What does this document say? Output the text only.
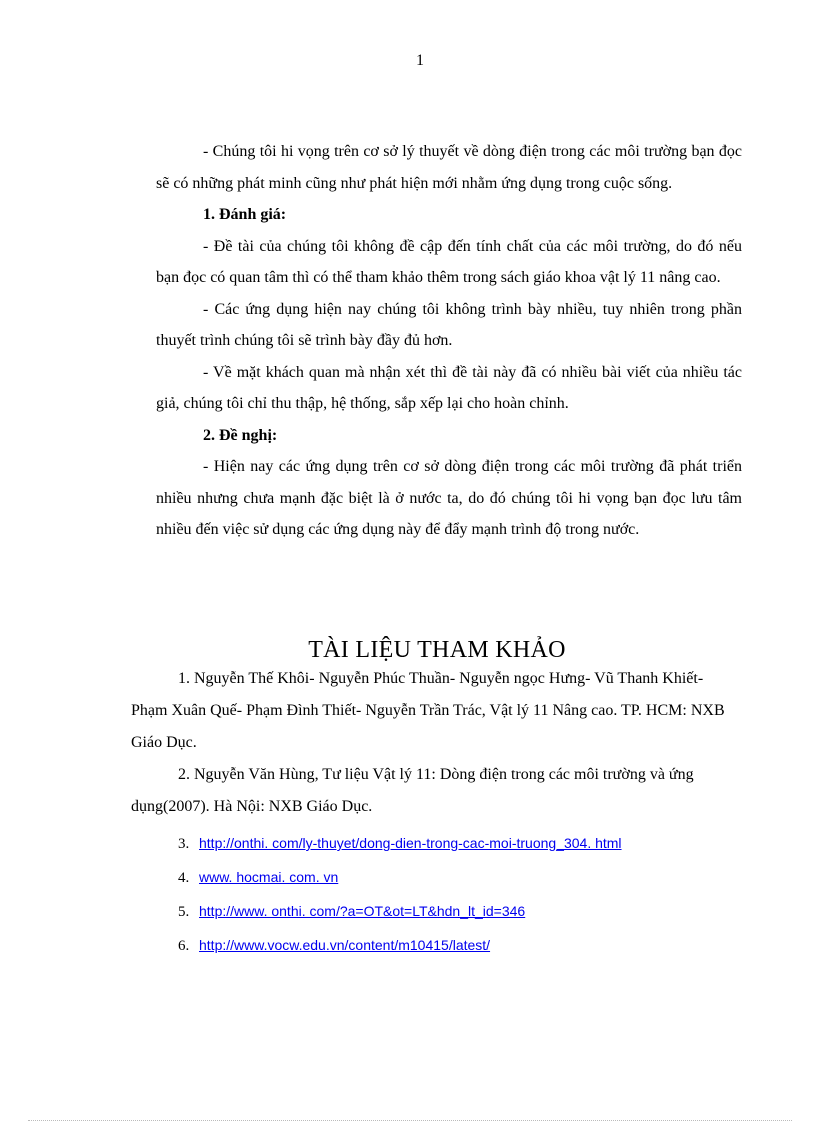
1

- Chúng tôi hi vọng trên cơ sở lý thuyết về dòng điện trong các môi trường bạn đọc sẽ có những phát minh cũng như phát hiện mới nhằm ứng dụng trong cuộc sống.

1. Đánh giá:

- Đề tài của chúng tôi không đề cập đến tính chất của các môi trường, do đó nếu bạn đọc có quan tâm thì có thể tham khảo thêm trong sách giáo khoa vật lý 11 nâng cao.

- Các ứng dụng hiện nay chúng tôi không trình bày nhiều, tuy nhiên trong phần thuyết trình chúng tôi sẽ trình bày đầy đủ hơn.

- Về mặt khách quan mà nhận xét thì đề tài này đã có nhiều bài viết của nhiều tác giả, chúng tôi chỉ thu thập, hệ thống, sắp xếp lại cho hoàn chỉnh.

2. Đề nghị:

- Hiện nay các ứng dụng trên cơ sở dòng điện trong các môi trường đã phát triển nhiều nhưng chưa mạnh đặc biệt là ở nước ta, do đó chúng tôi hi vọng bạn đọc lưu tâm nhiều đến việc sử dụng các ứng dụng này để đẩy mạnh trình độ trong nước.

TÀI LIỆU THAM KHẢO

1. Nguyễn Thế Khôi- Nguyễn Phúc Thuần- Nguyễn ngọc Hưng- Vũ Thanh Khiết- Phạm Xuân Quế- Phạm Đình Thiết- Nguyễn Trần Trác, Vật lý 11 Nâng cao. TP. HCM: NXB Giáo Dục.

2. Nguyễn Văn Hùng, Tư liệu Vật lý 11: Dòng điện trong các môi trường và ứng dụng(2007). Hà Nội: NXB Giáo Dục.

3. http://onthi. com/ly-thuyet/dong-dien-trong-cac-moi-truong_304. html
4. www. hocmai. com. vn
5. http://www. onthi. com/?a=OT&ot=LT&hdn_lt_id=346
6. http://www.vocw.edu.vn/content/m10415/latest/
